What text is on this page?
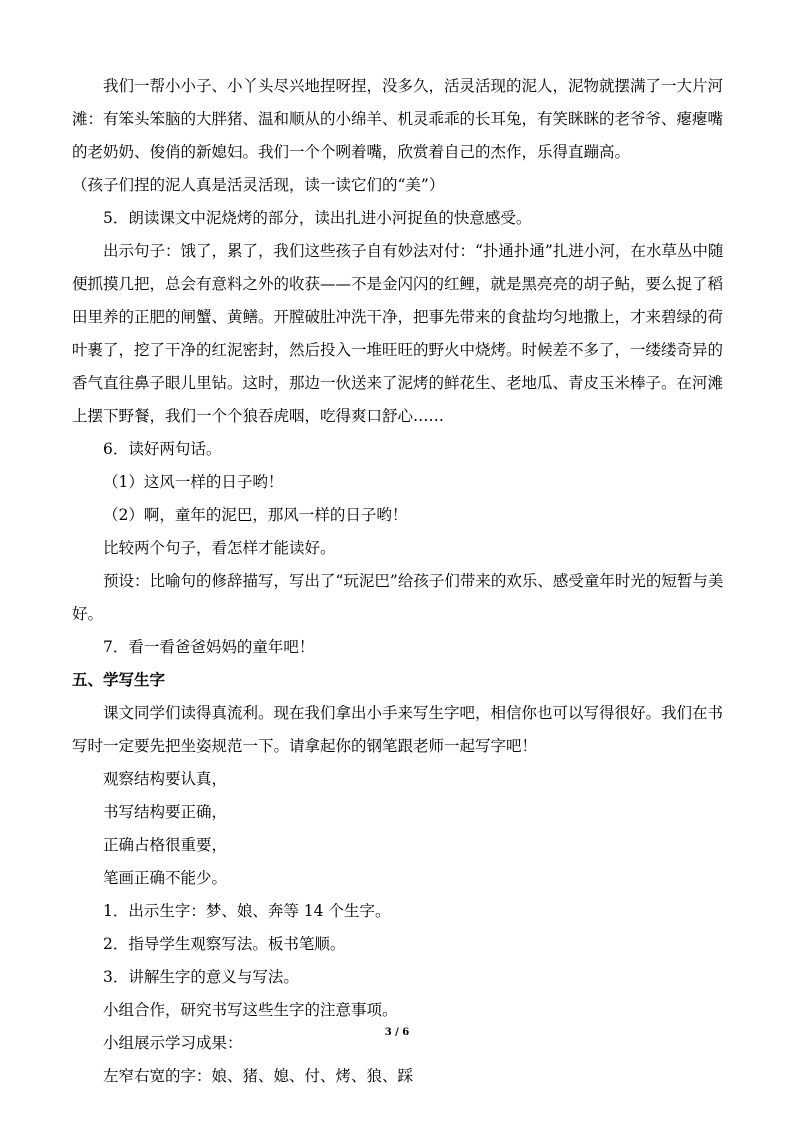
我们一帮小小子、小丫头尽兴地捏呀捏，没多久，活灵活现的泥人，泥物就摆满了一大片河滩：有笨头笨脑的大胖猪、温和顺从的小绵羊、机灵乖乖的长耳兔，有笑眯眯的老爷爷、瘪瘪嘴的老奶奶、俊俏的新媳妇。我们一个个咧着嘴，欣赏着自己的杰作，乐得直蹦高。

（孩子们捏的泥人真是活灵活现，读一读它们的“美”）

5．朗读课文中泥烧烤的部分，读出扎进小河捉鱼的快意感受。

出示句子：饿了，累了，我们这些孩子自有妙法对付：“扑通扑通”扎进小河，在水草丛中随便抓摸几把，总会有意料之外的收获——不是金闪闪的红鲤，就是黑亮亮的胡子鲇，要么捉了稻田里养的正肥的闸蟹、黄鳝。开膛破肚冲洗干净，把事先带来的食盐均匀地撒上，才来碧绿的荷叶裹了，挖了干净的红泥密封，然后投入一堆旺旺的野火中烧烤。时候差不多了，一缕缕奇异的香气直往鼻子眼儿里钻。这时，那边一伙送来了泥烤的鲜花生、老地瓜、青皮玉米棒子。在河滩上摆下野餐，我们一个个狼吞虎咽，吃得爽口舒心……

6．读好两句话。

（1）这风一样的日子哟！

（2）啊，童年的泥巴，那风一样的日子哟！

比较两个句子，看怎样才能读好。

预设：比喻句的修辞描写，写出了“玩泥巴”给孩子们带来的欢乐、感受童年时光的短暂与美好。

7．看一看爸爸妈妈的童年吧！

五、学写生字

课文同学们读得真流利。现在我们拿出小手来写生字吧，相信你也可以写得很好。我们在书写时一定要先把坐姿规范一下。请拿起你的钢笔跟老师一起写字吧！

观察结构要认真，

书写结构要正确，

正确占格很重要，

笔画正确不能少。

1．出示生字：梦、娘、奔等 14 个生字。

2．指导学生观察写法。板书笔顺。

3．讲解生字的意义与写法。

小组合作，研究书写这些生字的注意事项。

小组展示学习成果：

左窄右宽的字：娘、猪、媳、付、烤、狼、踩

3 / 6
